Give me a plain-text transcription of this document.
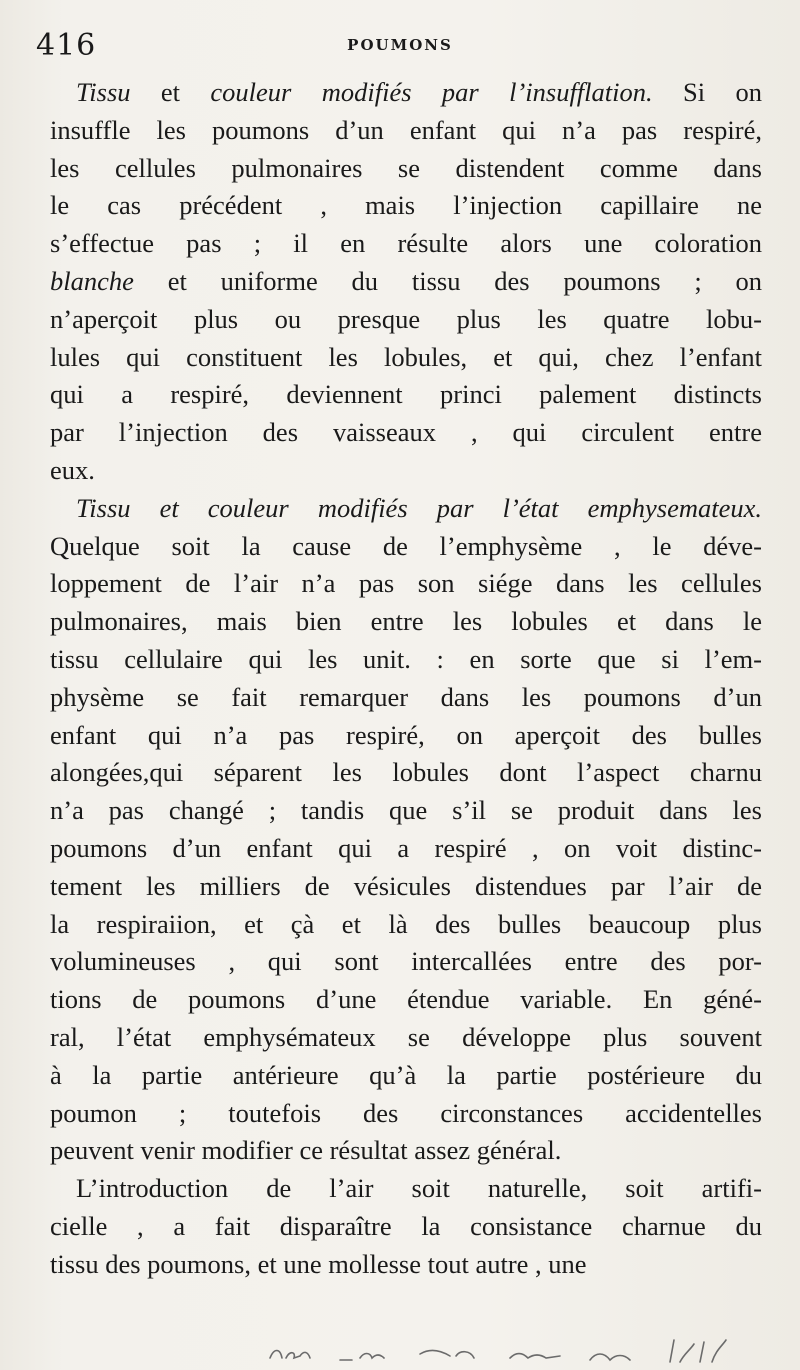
416	POUMONS
Tissu et couleur modifiés par l’insufflation. Si on
insuffle les poumons d’un enfant qui n’a pas respiré,
les cellules pulmonaires se distendent comme dans
le cas précédent , mais l’injection capillaire ne
s’effectue pas ; il en résulte alors une coloration
blanche et uniforme du tissu des poumons ; on
n’aperçoit plus ou presque plus les quatre lobu-
lules qui constituent les lobules, et qui, chez l’enfant
qui a respiré, deviennent princi palement distincts
par l’injection des vaisseaux , qui circulent entre
eux.
Tissu et couleur modifiés par l’état emphysemateux.
Quelque soit la cause de l’emphysème , le déve-
loppement de l’air n’a pas son siége dans les cellules
pulmonaires, mais bien entre les lobules et dans le
tissu cellulaire qui les unit. : en sorte que si l’em-
physème se fait remarquer dans les poumons d’un
enfant qui n’a pas respiré, on aperçoit des bulles
alongées,qui séparent les lobules dont l’aspect charnu
n’a pas changé ; tandis que s’il se produit dans les
poumons d’un enfant qui a respiré , on voit distinc-
tement les milliers de vésicules distendues par l’air de
la respiraiion, et çà et là des bulles beaucoup plus
volumineuses , qui sont intercallées entre des por-
tions de poumons d’une étendue variable. En géné-
ral, l’état emphysémateux se développe plus souvent
à la partie antérieure qu’à la partie postérieure du
poumon ; toutefois des circonstances accidentelles
peuvent venir modifier ce résultat assez général.
L’introduction de l’air soit naturelle, soit artifi-
cielle , a fait disparaître la consistance charnue du
tissu des poumons, et une mollesse tout autre , une
